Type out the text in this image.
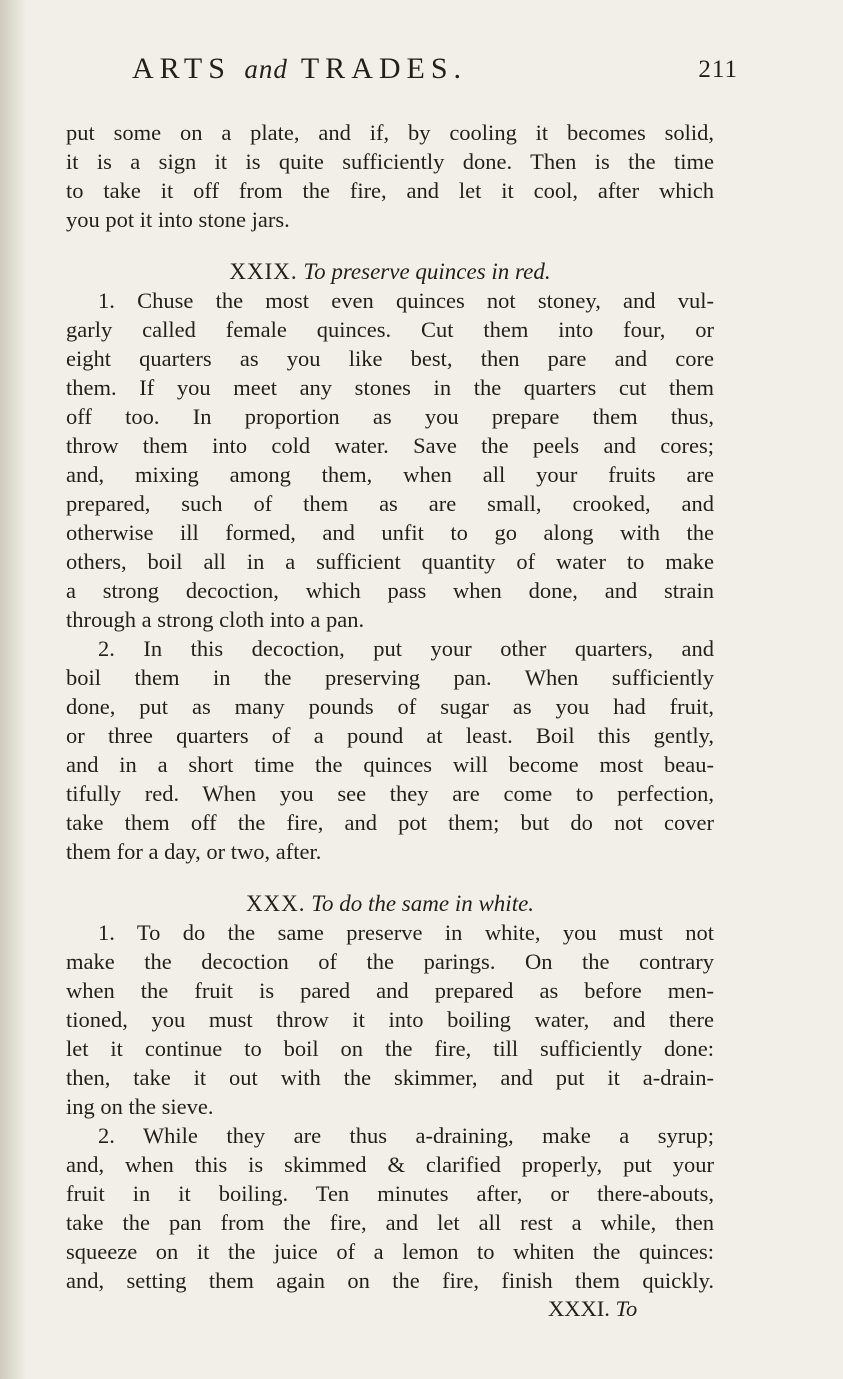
ARTS and TRADES.	211
put some on a plate, and if, by cooling it becomes solid,
it is a sign it is quite sufficiently done. Then is the time
to take it off from the fire, and let it cool, after which
you pot it into stone jars.
XXIX. To preserve quinces in red.
1. Chuse the most even quinces not stoney, and vul-
garly called female quinces. Cut them into four, or
eight quarters as you like best, then pare and core
them. If you meet any stones in the quarters cut them
off too. In proportion as you prepare them thus,
throw them into cold water. Save the peels and cores;
and, mixing among them, when all your fruits are
prepared, such of them as are small, crooked, and
otherwise ill formed, and unfit to go along with the
others, boil all in a sufficient quantity of water to make
a strong decoction, which pass when done, and strain
through a strong cloth into a pan.
2. In this decoction, put your other quarters, and
boil them in the preserving pan. When sufficiently
done, put as many pounds of sugar as you had fruit,
or three quarters of a pound at least. Boil this gently,
and in a short time the quinces will become most beau-
tifully red. When you see they are come to perfection,
take them off the fire, and pot them; but do not cover
them for a day, or two, after.
XXX. To do the same in white.
1. To do the same preserve in white, you must not
make the decoction of the parings. On the contrary
when the fruit is pared and prepared as before men-
tioned, you must throw it into boiling water, and there
let it continue to boil on the fire, till sufficiently done:
then, take it out with the skimmer, and put it a-drain-
ing on the sieve.
2. While they are thus a-draining, make a syrup;
and, when this is skimmed & clarified properly, put your
fruit in it boiling. Ten minutes after, or there-abouts,
take the pan from the fire, and let all rest a while, then
squeeze on it the juice of a lemon to whiten the quinces:
and, setting them again on the fire, finish them quickly.
XXXI. To
